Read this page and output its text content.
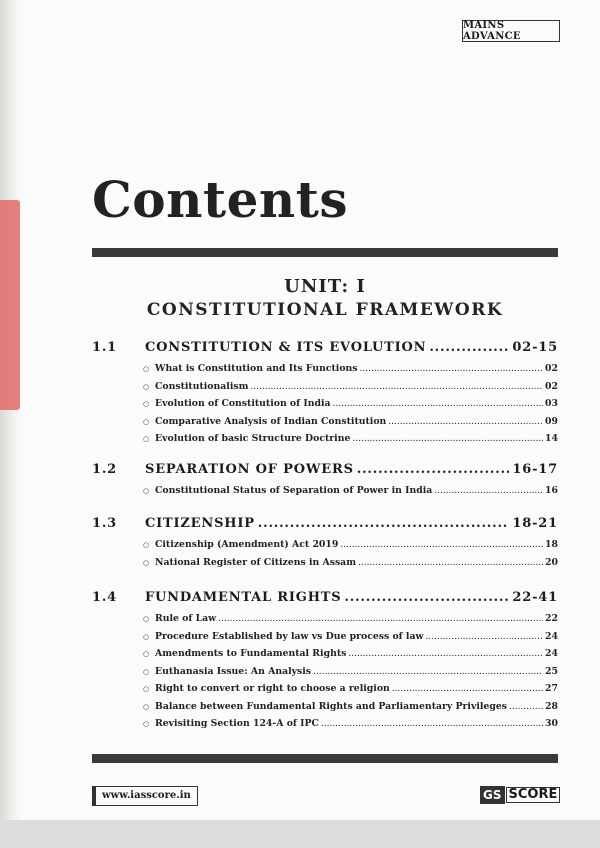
MAINS ADVANCE
Contents
UNIT: I
CONSTITUTIONAL FRAMEWORK
1.1	CONSTITUTION & ITS EVOLUTION .....	02-15
○ What is Constitution and Its Functions .....	02
○ Constitutionalism .....	02
○ Evolution of Constitution of India .....	03
○ Comparative Analysis of Indian Constitution .....	09
○ Evolution of basic Structure Doctrine .....	14
1.2	SEPARATION OF POWERS .....	16-17
○ Constitutional Status of Separation of Power in India .....	16
1.3	CITIZENSHIP .....	18-21
○ Citizenship (Amendment) Act 2019 .....	18
○ National Register of Citizens in Assam .....	20
1.4	FUNDAMENTAL RIGHTS .....	22-41
○ Rule of Law .....	22
○ Procedure Established by law vs Due process of law .....	24
○ Amendments to Fundamental Rights .....	24
○ Euthanasia Issue: An Analysis .....	25
○ Right to convert or right to choose a religion .....	27
○ Balance between Fundamental Rights and Parliamentary Privileges .....	28
○ Revisiting Section 124-A of IPC .....	30
www.iasscore.in	GS SCORE
